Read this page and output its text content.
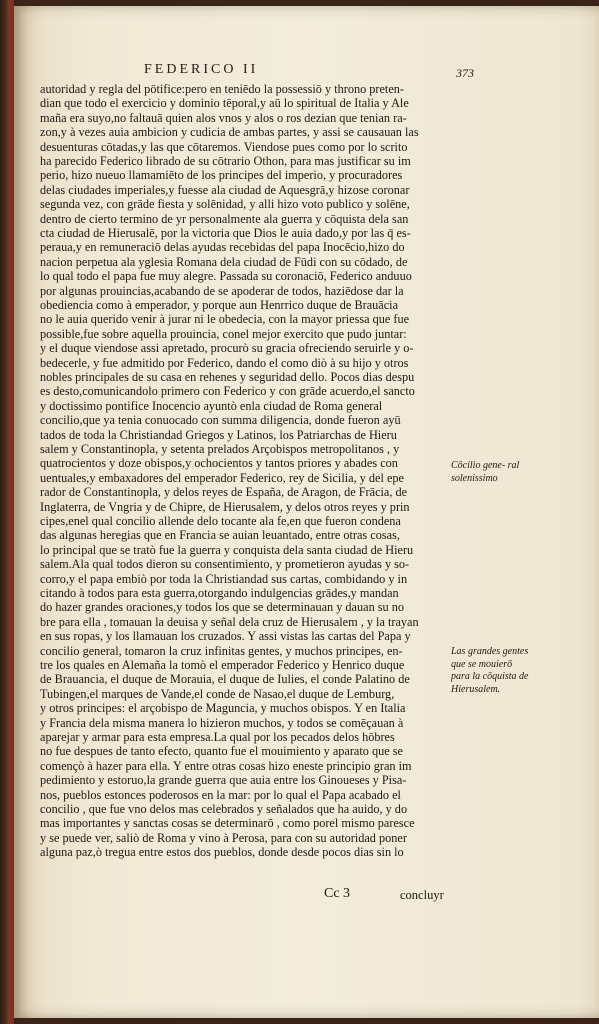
FEDERICO II	373
autoridad y regla del pōtifice:pero en teniēdo la possessiō y throno preten-
dian que todo el exercicio y dominio tēporal,y aū lo spiritual de Italia y Ale
maña era suyo,no faltauā quien alos vnos y alos o ros dezian que tenian ra-
zon,y à vezes auia ambicion y cudicia de ambas partes, y assi se causauan las
desuenturas cōtadas,y las que cōtaremos. Viendose pues como por lo scrito
ha parecido Federico librado de su cōtrario Othon, para mas justificar su im
perio, hizo nueuo llamamiēto de los principes del imperio, y procuradores
delas ciudades imperiales,y fuesse ala ciudad de Aquesgrā,y hizose coronar
segunda vez, con grāde fiesta y solēnidad, y alli hizo voto publico y solēne,
dentro de cierto termino de yr personalmente ala guerra y cōquista dela san
cta ciudad de Hierusalē, por la victoria que Dios le auia dado,y por las q̄ es-
peraua,y en remuneraciō delas ayudas recebidas del papa Inocēcio,hizo do
nacion perpetua ala yglesia Romana dela ciudad de Fūdi con su cōdado, de
lo qual todo el papa fue muy alegre. Passada su coronaciō, Federico anduuo
por algunas prouincias,acabando de se apoderar de todos, haziēdose dar la
obediencia como à emperador, y porque aun Henrrico duque de Brauācia
no le auia querido venir à jurar ni le obedecia, con la mayor priessa que fue
possible,fue sobre aquella prouincia, conel mejor exercito que pudo juntar:
y el duque viendose assi apretado, procurò su gracia ofreciendo seruirle y o-
bedecerle, y fue admitido por Federico, dando el como diò à su hijo y otros
nobles principales de su casa en rehenes y seguridad dello. Pocos dias despu
es desto,comunicandolo primero con Federico y con grāde acuerdo,el sancto
y doctissimo pontifice Inocencio ayuntò enla ciudad de Roma general
concilio,que ya tenia conuocado con summa diligencia, donde fueron ayū
tados de toda la Christiandad Griegos y Latinos, los Patriarchas de Hieru
salem y Constantinopla, y setenta prelados Arçobispos metropolitanos , y
quatrocientos y doze obispos,y ochocientos y tantos priores y abades con
uentuales,y embaxadores del emperador Federico, rey de Sicilia, y del epe
rador de Constantinopla, y delos reyes de España, de Aragon, de Frācia, de
Inglaterra, de Vngria y de Chipre, de Hierusalem, y delos otros reyes y prin
cipes,enel qual concilio allende delo tocante ala fe,en que fueron condena
das algunas heregias que en Francia se auian leuantado, entre otras cosas,
lo principal que se tratò fue la guerra y conquista dela santa ciudad de Hieru
salem.Ala qual todos dieron su consentimiento, y prometieron ayudas y so-
corro,y el papa embiò por toda la Christiandad sus cartas, combidando y in
citando à todos para esta guerra,otorgando indulgencias grādes,y mandan
do hazer grandes oraciones,y todos los que se determinauan y dauan su no
bre para ella , tomauan la deuisa y señal dela cruz de Hierusalem , y la trayan
en sus ropas, y los llamauan los cruzados. Y assi vistas las cartas del Papa y
concilio general, tomaron la cruz infinitas gentes, y muchos principes, en-
tre los quales en Alemaña la tomò el emperador Federico y Henrico duque
de Brauancia, el duque de Morauia, el duque de Iulies, el conde Palatino de
Tubingen,el marques de Vande,el conde de Nasao,el duque de Lemburg,
y otros principes: el arçobispo de Maguncia, y muchos obispos. Y en Italia
y Francia dela misma manera lo hizieron muchos, y todos se comēçauan à
aparejar y armar para esta empresa.La qual por los pecados delos hōbres
no fue despues de tanto efecto, quanto fue el mouimiento y aparato que se
començò à hazer para ella. Y entre otras cosas hizo eneste principio gran im
pedimiento y estoruo,la grande guerra que auia entre los Ginoueses y Pisa-
nos, pueblos estonces poderosos en la mar: por lo qual el Papa acabado el
concilio , que fue vno delos mas celebrados y señalados que ha auido, y do
mas importantes y sanctas cosas se determinarō , como porel mismo paresce
y se puede ver, saliò de Roma y vino à Perosa, para con su autoridad poner
alguna paz,ò tregua entre estos dos pueblos, donde desde pocos dias sin lo
Cōcilio gene- ral solenissimo
Las grandes gentes que se mouierō para la cōquista de Hierusalem.
Cc 3	concluyr
